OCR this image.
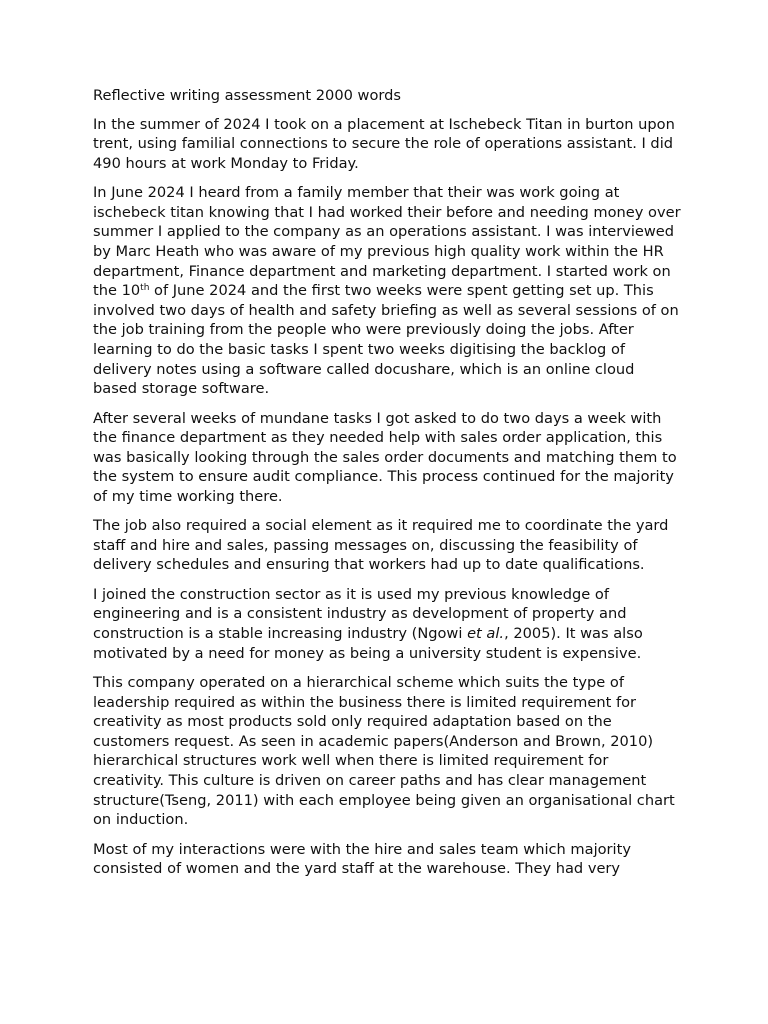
Reflective writing assessment 2000 words

In the summer of 2024 I took on a placement at Ischebeck Titan in burton upon trent, using familial connections to secure the role of operations assistant. I did 490 hours at work Monday to Friday.

In June 2024 I heard from a family member that their was work going at ischebeck titan knowing that I had worked their before and needing money over summer I applied to the company as an operations assistant. I was interviewed by Marc Heath who was aware of my previous high quality work within the HR department, Finance department and marketing department. I started work on the 10th of June 2024 and the first two weeks were spent getting set up. This involved two days of health and safety briefing as well as several sessions of on the job training from the people who were previously doing the jobs. After learning to do the basic tasks I spent two weeks digitising the backlog of delivery notes using a software called docushare, which is an online cloud based storage software.

After several weeks of mundane tasks I got asked to do two days a week with the finance department as they needed help with sales order application, this was basically looking through the sales order documents and matching them to the system to ensure audit compliance. This process continued for the majority of my time working there.

The job also required a social element as it required me to coordinate the yard staff and hire and sales, passing messages on, discussing the feasibility of delivery schedules and ensuring that workers had up to date qualifications.

I joined the construction sector as it is used my previous knowledge of engineering and is a consistent industry as development of property and construction is a stable increasing industry (Ngowi et al., 2005). It was also motivated by a need for money as being a university student is expensive.

This company operated on a hierarchical scheme which suits the type of leadership required as within the business there is limited requirement for creativity as most products sold only required adaptation based on the customers request. As seen in academic papers(Anderson and Brown, 2010) hierarchical structures work well when there is limited requirement for creativity. This culture is driven on career paths and has clear management structure(Tseng, 2011) with each employee being given an organisational chart on induction.

Most of my interactions were with the hire and sales team which majority consisted of women and the yard staff at the warehouse. They had very
